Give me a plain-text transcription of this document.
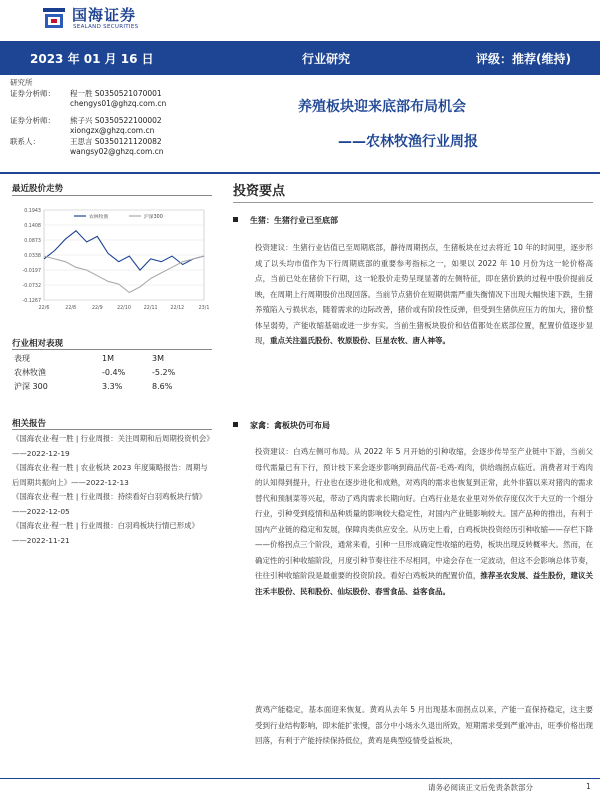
国海证券
SEALAND SECURITIES
2023 年 01 月 16 日	行业研究	评级：推荐(维持)
研究所
证券分析师： 程一胜 S0350521070001
chengys01@ghzq.com.cn
证券分析师： 熊子兴 S0350522100002
xiongzx@ghzq.com.cn
联系人：	王思言 S0350121120082
wangsy02@ghzq.com.cn
养殖板块迎来底部布局机会
——农林牧渔行业周报
最近股价走势
0.1943
0.1408
0.0873
0.0338
-0.0197
-0.0732
-0.1267
22/6	22/8	22/9	22/10	22/11	22/12	23/1
农林牧渔	沪深300
行业相对表现
表现	1M	3M
农林牧渔	-0.4%	-5.2%
沪深 300	3.3%	8.6%
相关报告
《国海农业·程一胜 | 行业周报：关注周期和后周期投资机会》——2022-12-19
《国海农业·程一胜 | 农业板块 2023 年度策略报告：周期与后周期共振向上》——2022-12-13
《国海农业·程一胜 | 行业周报：持续看好白羽鸡板块行情》——2022-12-05
《国海农业·程一胜 | 行业周报：白羽鸡板块行情已形成》——2022-11-21
投资要点
生猪：生猪行业已至底部
投资建议：生猪行业估值已至周期底部，静待周期拐点，生猪板块在过去将近 10 年的时间里，逐步形成了以头均市值作为下行周期底部的重要参考指标之一，如果以 2022 年 10 月份为这一轮价格高点，当前已处在猪价下行期，这一轮股价走势呈现显著的左侧特征，即在猪价跌的过程中股价提前反映，在周期上行周期股价出现回落。当前节点猪价在短期供需严重失衡情况下出现大幅快速下跌，生猪养殖陷入亏损状态，随着需求的边际改善，猪价或有阶段性反弹，但受到生猪供应压力的加大，猪价整体呈弱势，产能收缩基础或进一步夯实。当前生猪板块股价和估值都处在底部位置，配置价值逐步显现，重点关注温氏股份、牧原股份、巨星农牧、唐人神等。
家禽：禽板块仍可布局
投资建议：白鸡左侧可布局。从 2022 年 5 月开始的引种收缩，会逐步传导至产业链中下游，当前父母代需量已有下行，预计枝下来会逐步影响到商品代苗-毛鸡-鸡肉，供给端拐点临近。消费者对于鸡肉的认知得到提升，行业也在逐步进化和成熟，对鸡肉的需求也恢复到正常，此外非猫以来对猪肉的需求替代和预制菜等兴起，带动了鸡肉需求长期向好。白鸡行业是农业里对外依存度仅次于大豆的一个细分行业，引种受到疫情和品种质量的影响较大稳定性，对国内产业链影响较大。国产品种的推出，有利于国内产业链的稳定和发展，保障肉类供应安全。从历史上看，白鸡板块投资经历引种收缩——存栏下降——价格拐点三个阶段，通常来看，引种一旦形成确定性收缩的趋势，板块出现反转概率大。然而，在确定性的引种收缩阶段，月度引种节奏往往不尽相同，中途会存在一定波动，但这不会影响总体节奏，往往引种收缩阶段是最重要的投资阶段。看好白鸡板块的配置价值，推荐圣农发展、益生股份，建议关注禾丰股份、民和股份、仙坛股份、春雪食品、益客食品。
黄鸡产能稳定，基本面迎来恢复。黄鸡从去年 5 月出现基本面拐点以来，产能一直保持稳定，这主要受到行业结构影响，即未能扩张慢，部分中小场永久退出所致，短期需求受到严重冲击，旺季价格出现回落，有利于产能持续保持低位，黄鸡是典型疫情受益板块，
请务必阅读正文后免责条款部分	1
